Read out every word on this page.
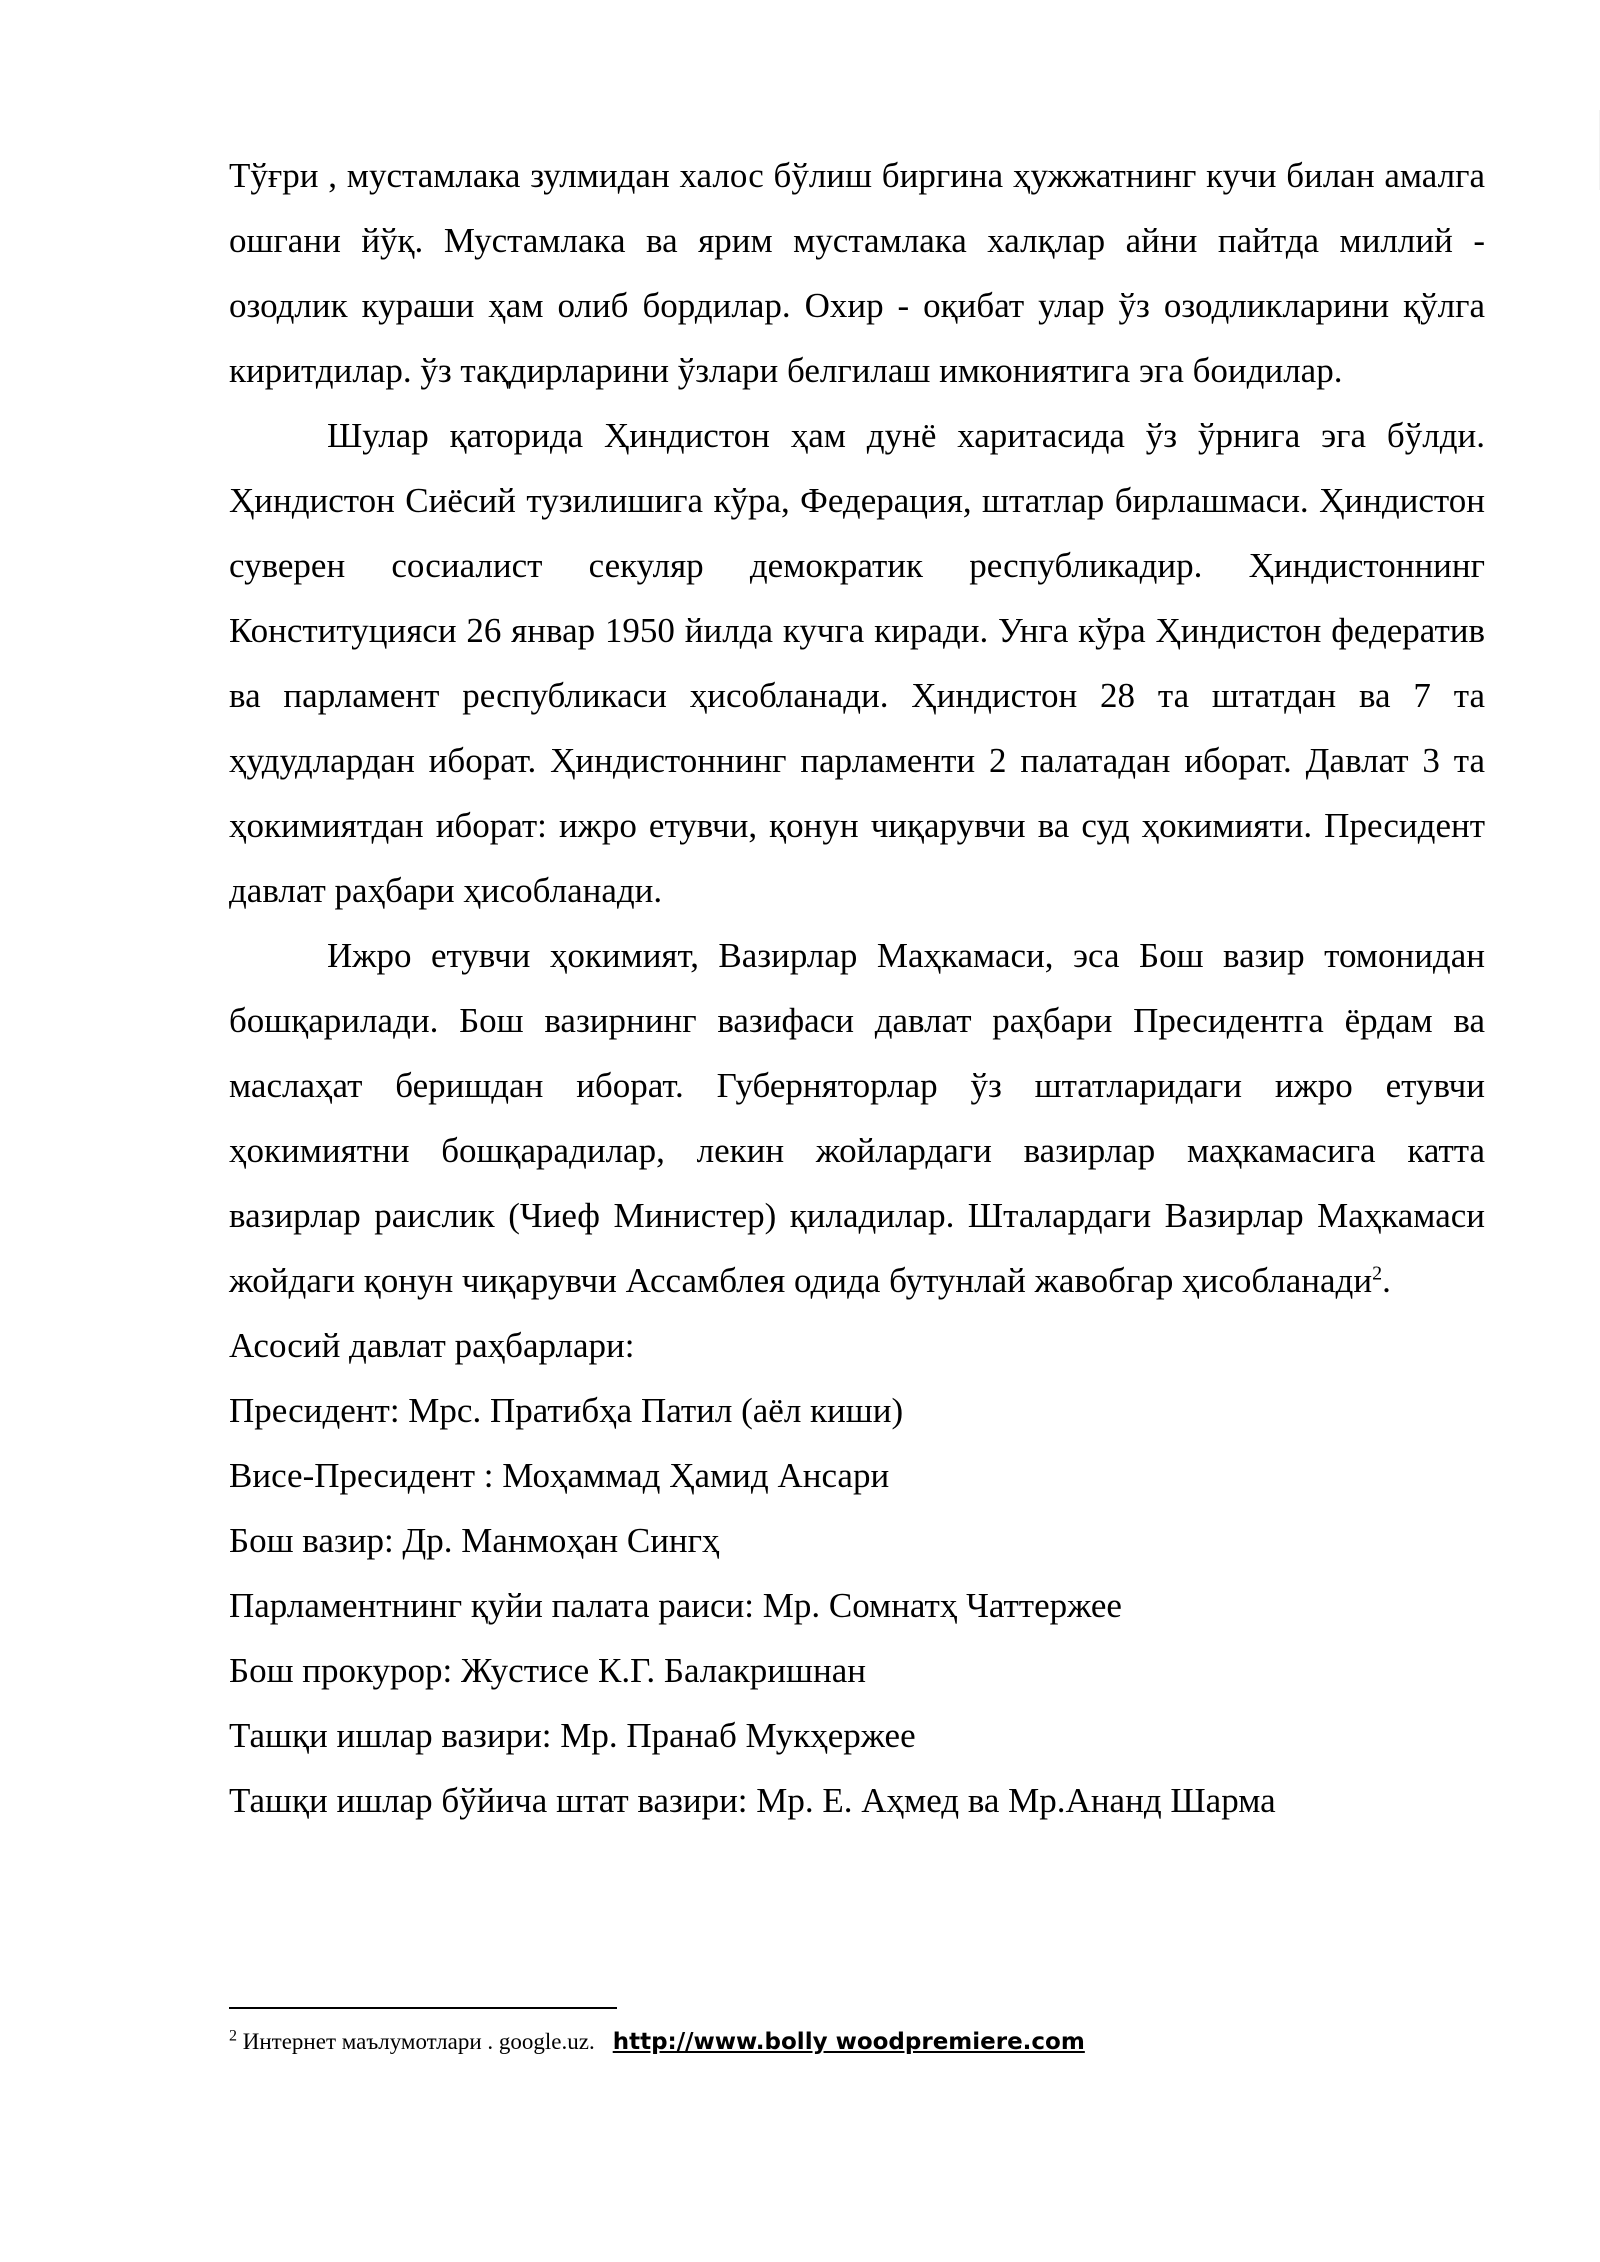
Тўғри , мустамлака зулмидан халос бўлиш биргина ҳужжатнинг кучи билан амалга ошгани йўқ. Мустамлака ва ярим мустамлака халқлар айни пайтда миллий - озодлик кураши ҳам олиб бордилар. Охир - оқибат улар ўз озодликларини қўлга киритдилар. ўз тақдирларини ўзлари белгилаш имкониятига эга боидилар.

Шулар қаторида Ҳиндистон ҳам дунё харитасида ўз ўрнига эга бўлди. Ҳиндистон Сиёсий тузилишига кўра, Федерация, штатлар бирлашмаси. Ҳиндистон суверен сосиалист секуляр демократик республикадир. Ҳиндистоннинг Конституцияси 26 январ 1950 йилда кучга киради. Унга кўра Ҳиндистон федератив ва парламент республикаси ҳисобланади. Ҳиндистон 28 та штатдан ва 7 та ҳудудлардан иборат. Ҳиндистоннинг парламенти 2 палатадан иборат. Давлат 3 та ҳокимиятдан иборат: ижро етувчи, қонун чиқарувчи ва суд ҳокимияти. Пресидент давлат раҳбари ҳисобланади.

Ижро етувчи ҳокимият, Вазирлар Маҳкамаси, эса Бош вазир томонидан бошқарилади. Бош вазирнинг вазифаси давлат раҳбари Пресидентга ёрдам ва маслаҳат беришдан иборат. Губерняторлар ўз штатларидаги ижро етувчи ҳокимиятни бошқарадилар, лекин жойлардаги вазирлар маҳкамасига катта вазирлар раислик (Чиеф Министер) қиладилар. Шталардаги Вазирлар Маҳкамаси жойдаги қонун чиқарувчи Ассамблея одида бутунлай жавобгар ҳисобланади$^2$.

Асосий давлат раҳбарлари:

Пресидент: Мрс. Пратибҳа Патил (аёл киши)

Висе-Пресидент : Моҳаммад Ҳамид Ансари

Бош вазир: Др. Манмоҳан Сингҳ

Парламентнинг қуйи палата раиси: Мр. Сомнатҳ Чаттержее

Бош прокурор: Жустисе К.Г. Балакришнан

Ташқи ишлар вазири: Мр. Пранаб Мукҳержее

Ташқи ишлар бўйича штат вазири: Мр. Е. Аҳмед ва Мр.Ананд Шарма

$^2$ Интернет маълумотлари . google.uz. http://www.bolly woodpremiere.com
